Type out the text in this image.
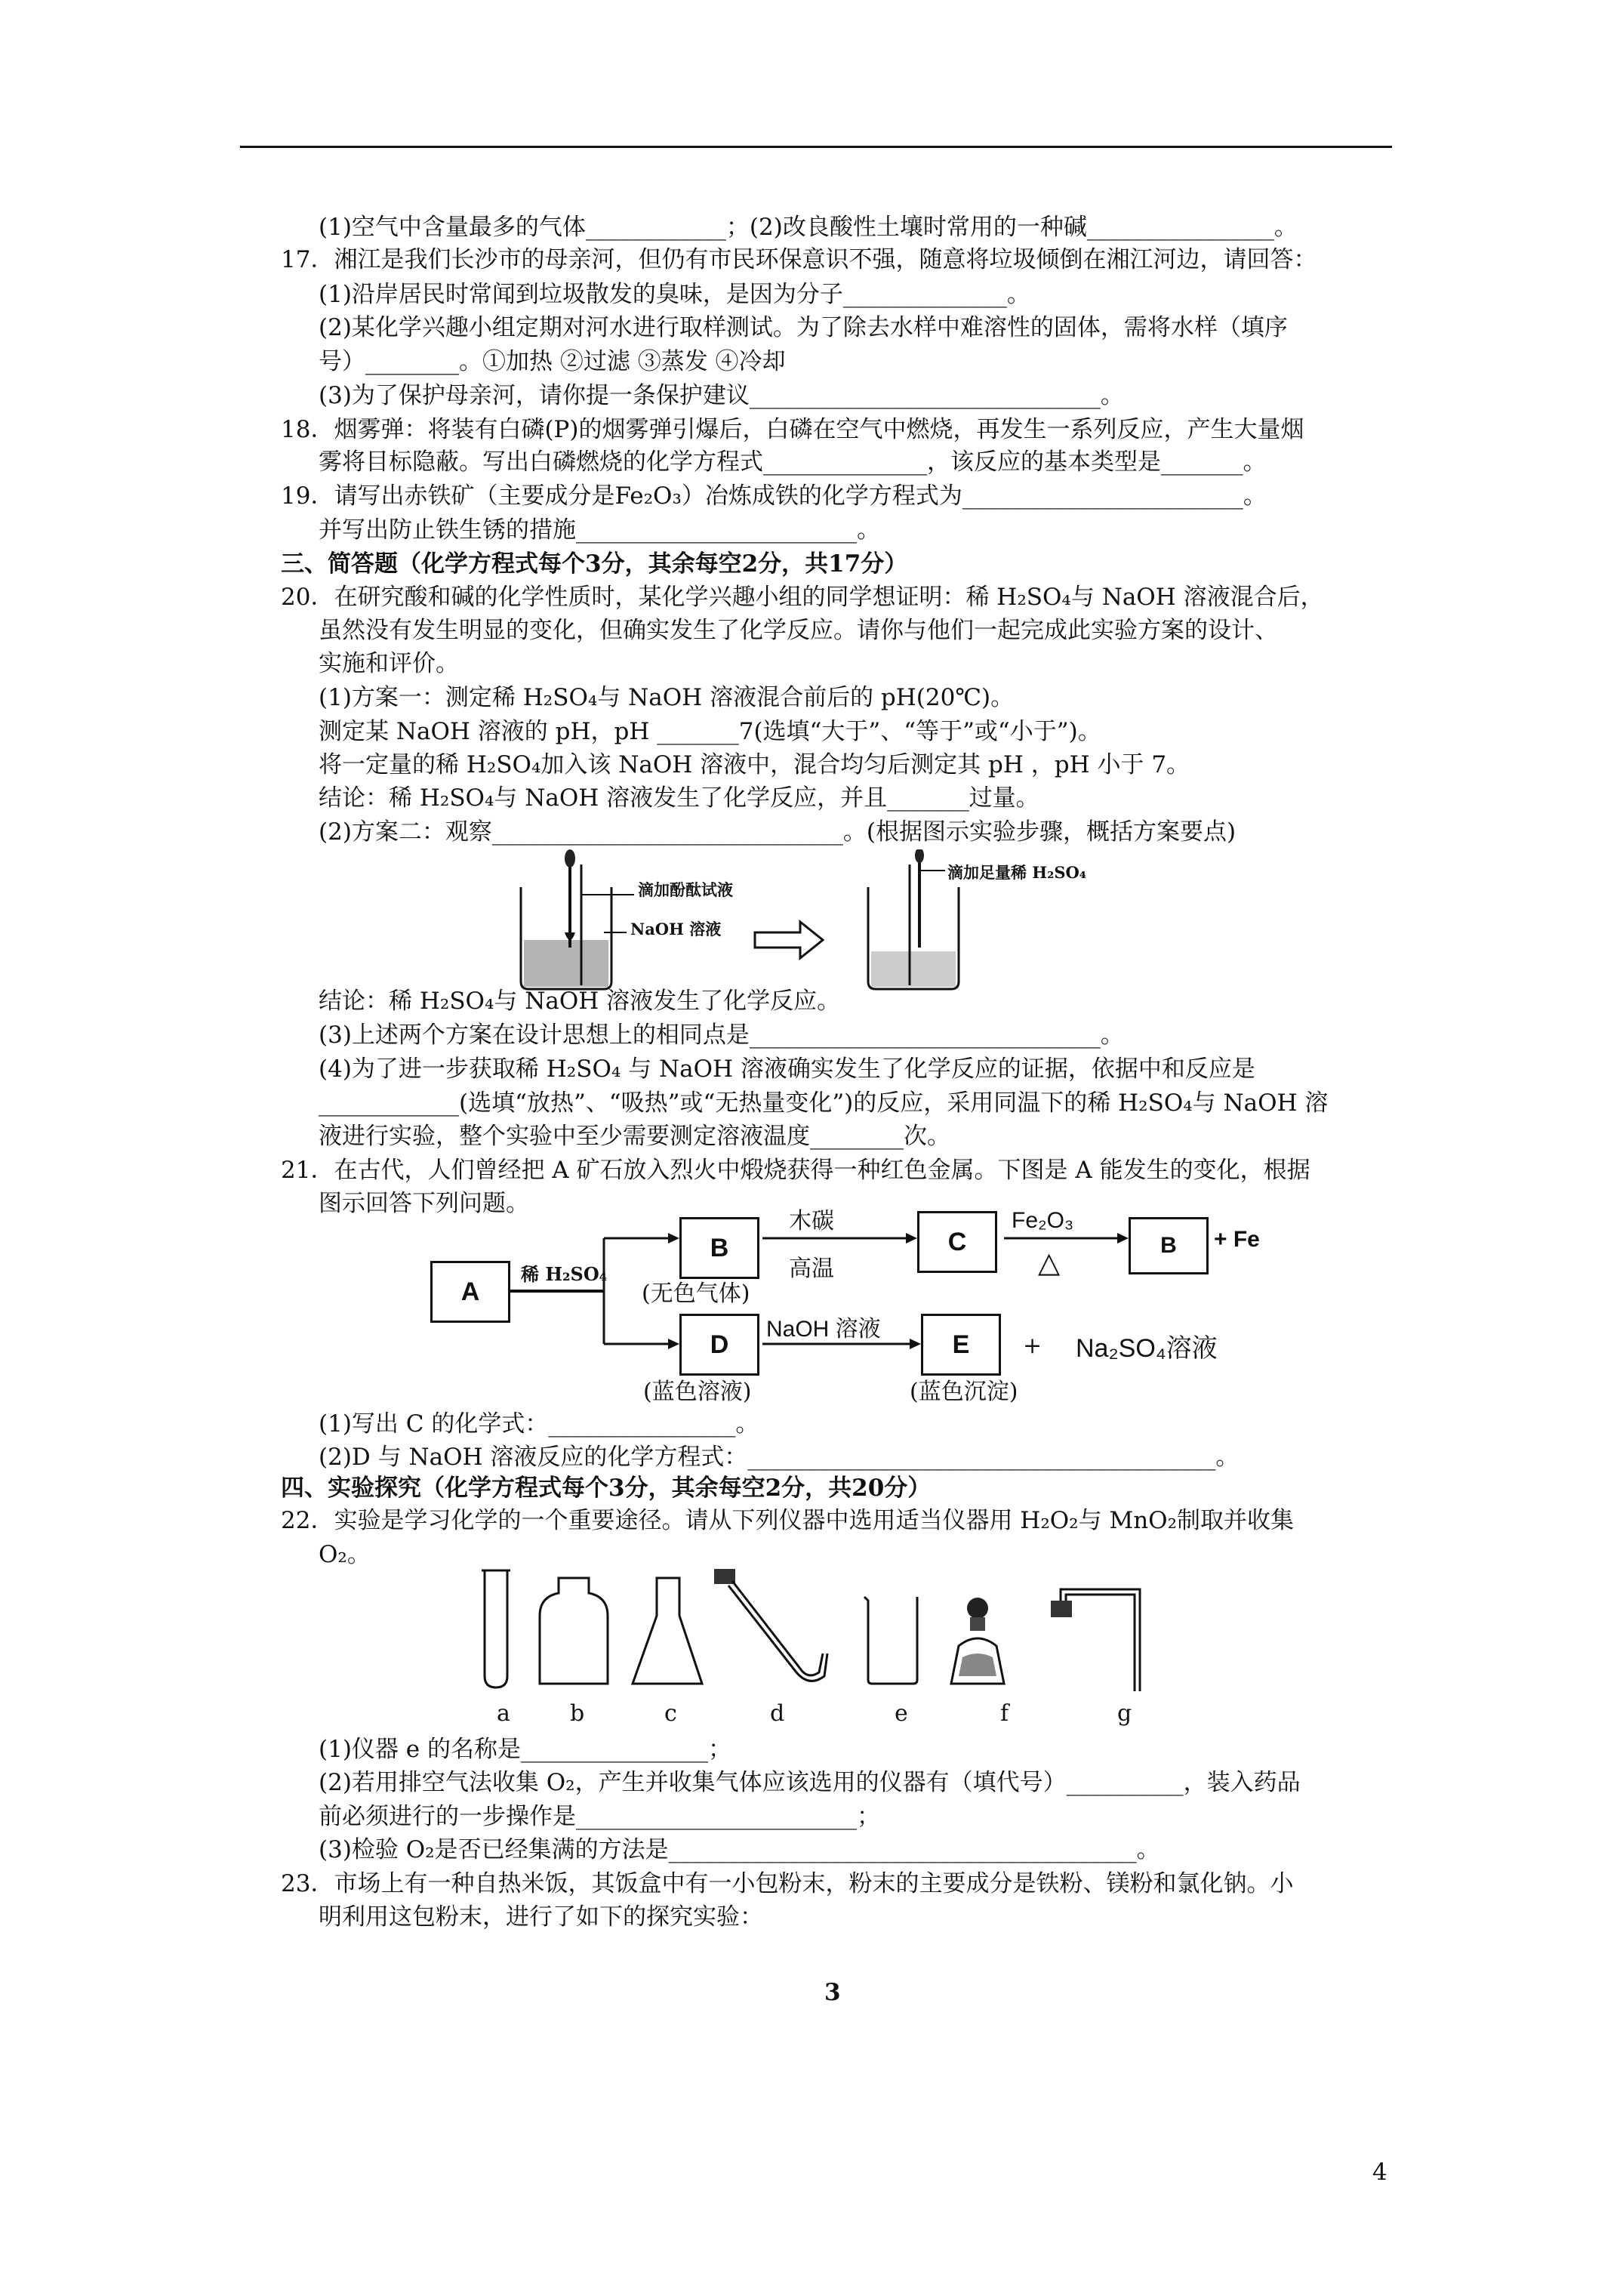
(1)空气中含量最多的气体____________；(2)改良酸性土壤时常用的一种碱________________。
17．湘江是我们长沙市的母亲河，但仍有市民环保意识不强，随意将垃圾倾倒在湘江河边，请回答：
(1)沿岸居民时常闻到垃圾散发的臭味，是因为分子______________。
(2)某化学兴趣小组定期对河水进行取样测试。为了除去水样中难溶性的固体，需将水样（填序
号）________。①加热 ②过滤 ③蒸发 ④冷却
(3)为了保护母亲河，请你提一条保护建议______________________________。
18．烟雾弹：将装有白磷(P)的烟雾弹引爆后，白磷在空气中燃烧，再发生一系列反应，产生大量烟
雾将目标隐蔽。写出白磷燃烧的化学方程式______________，该反应的基本类型是_______。
19．请写出赤铁矿（主要成分是Fe₂O₃）冶炼成铁的化学方程式为________________________。
并写出防止铁生锈的措施________________________。
三、简答题（化学方程式每个3分，其余每空2分，共17分）
20．在研究酸和碱的化学性质时，某化学兴趣小组的同学想证明：稀 H₂SO₄与 NaOH 溶液混合后，
虽然没有发生明显的变化，但确实发生了化学反应。请你与他们一起完成此实验方案的设计、
实施和评价。
(1)方案一：测定稀 H₂SO₄与 NaOH 溶液混合前后的 pH(20℃)。
测定某 NaOH 溶液的 pH，pH _______7(选填“大于”、“等于”或“小于”)。
将一定量的稀 H₂SO₄加入该 NaOH 溶液中，混合均匀后测定其 pH ，pH 小于 7。
结论：稀 H₂SO₄与 NaOH 溶液发生了化学反应，并且_______过量。
(2)方案二：观察______________________________。(根据图示实验步骤，概括方案要点)
滴加酚酞试液
NaOH 溶液
滴加足量稀 H₂SO₄
结论：稀 H₂SO₄与 NaOH 溶液发生了化学反应。
(3)上述两个方案在设计思想上的相同点是______________________________。
(4)为了进一步获取稀 H₂SO₄ 与 NaOH 溶液确实发生了化学反应的证据，依据中和反应是
____________(选填“放热”、“吸热”或“无热量变化”)的反应，采用同温下的稀 H₂SO₄与 NaOH 溶
液进行实验，整个实验中至少需要测定溶液温度________次。
21．在古代，人们曾经把 A 矿石放入烈火中煅烧获得一种红色金属。下图是 A 能发生的变化，根据
图示回答下列问题。
A
B	C	B
D	E
稀 H₂SO₄
木碳
高温
Fe₂O₃
△
+ Fe
(无色气体)
NaOH 溶液
+ Na₂SO₄溶液
(蓝色溶液)	(蓝色沉淀)
(1)写出 C 的化学式：________________。
(2)D 与 NaOH 溶液反应的化学方程式：________________________________________。
四、实验探究（化学方程式每个3分，其余每空2分，共20分）
22．实验是学习化学的一个重要途径。请从下列仪器中选用适当仪器用 H₂O₂与 MnO₂制取并收集
O₂。
a	b	c	d	e	f	g
(1)仪器 e 的名称是________________；
(2)若用排空气法收集 O₂，产生并收集气体应该选用的仪器有（填代号）__________，装入药品
前必须进行的一步操作是________________________；
(3)检验 O₂是否已经集满的方法是________________________________________。
23．市场上有一种自热米饭，其饭盒中有一小包粉末，粉末的主要成分是铁粉、镁粉和氯化钠。小
明利用这包粉末，进行了如下的探究实验：
3
4
